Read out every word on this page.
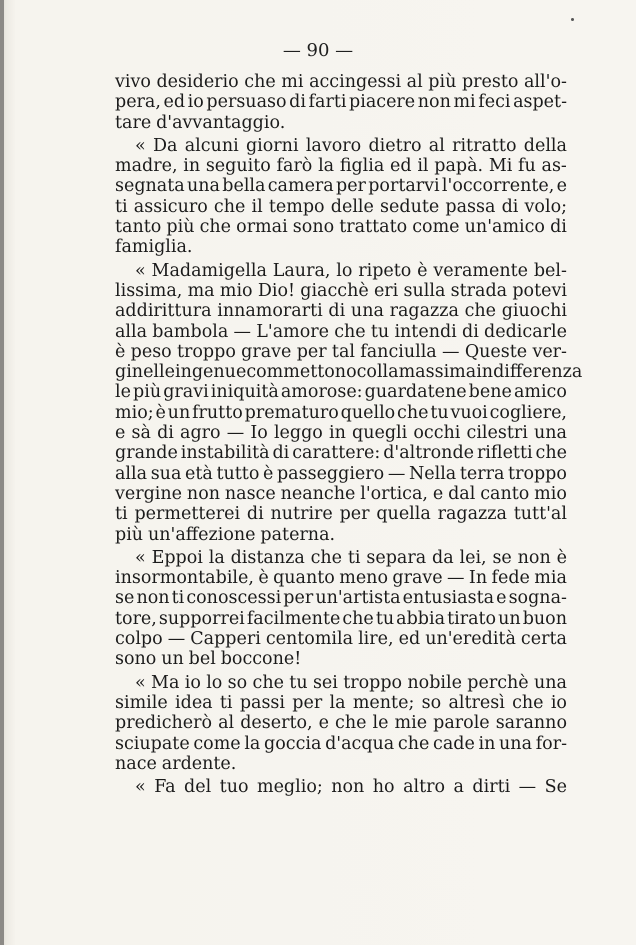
— 90 —
vivo desiderio che mi accingessi al più presto all'o-
pera, ed io persuaso di farti piacere non mi feci aspet-
tare d'avvantaggio.
« Da alcuni giorni lavoro dietro al ritratto della
madre, in seguito farò la figlia ed il papà. Mi fu as-
segnata una bella camera per portarvi l'occorrente, e
ti assicuro che il tempo delle sedute passa di volo;
tanto più che ormai sono trattato come un'amico di
famiglia.
« Madamigella Laura, lo ripeto è veramente bel-
lissima, ma mio Dio! giacchè eri sulla strada potevi
addirittura innamorarti di una ragazza che giuochi
alla bambola — L'amore che tu intendi di dedicarle
è peso troppo grave per tal fanciulla — Queste ver-
ginelle ingenue commettono colla massima indifferenza
le più gravi iniquità amorose: guardatene bene amico
mio; è un frutto prematuro quello che tu vuoi cogliere,
e sà di agro — Io leggo in quegli occhi cilestri una
grande instabilità di carattere: d'altronde rifletti che
alla sua età tutto è passeggiero — Nella terra troppo
vergine non nasce neanche l'ortica, e dal canto mio
ti permetterei di nutrire per quella ragazza tutt'al
più un'affezione paterna.
« Eppoi la distanza che ti separa da lei, se non è
insormontabile, è quanto meno grave — In fede mia
se non ti conoscessi per un'artista entusiasta e sogna-
tore, supporrei facilmente che tu abbia tirato un buon
colpo — Capperi centomila lire, ed un'eredità certa
sono un bel boccone!
« Ma io lo so che tu sei troppo nobile perchè una
simile idea ti passi per la mente; so altresì che io
predicherò al deserto, e che le mie parole saranno
sciupate come la goccia d'acqua che cade in una for-
nace ardente.
« Fa del tuo meglio; non ho altro a dirti — Se
